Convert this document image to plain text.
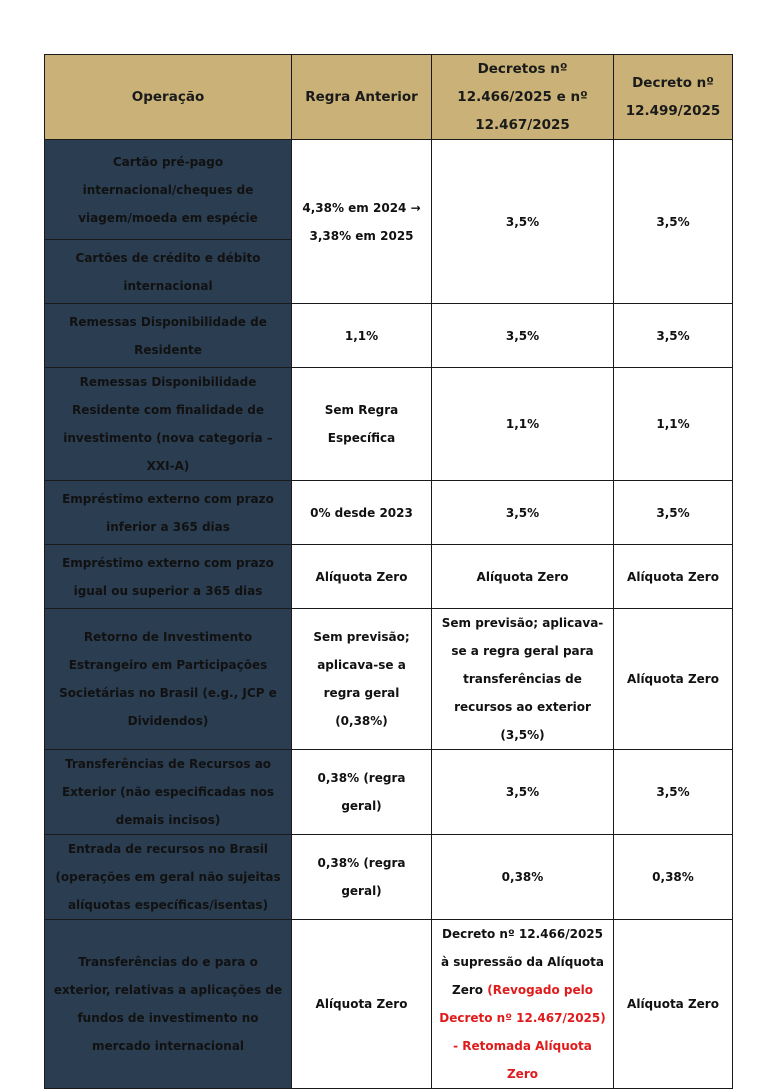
Operação	Regra Anterior	Decretos nº 12.466/2025 e nº 12.467/2025	Decreto nº 12.499/2025
Cartão pré-pago internacional/cheques de viagem/moeda em espécie	4,38% em 2024 → 3,38% em 2025	3,5%	3,5%
Cartões de crédito e débito internacional			
Remessas Disponibilidade de Residente	1,1%	3,5%	3,5%
Remessas Disponibilidade Residente com finalidade de investimento (nova categoria – XXI-A)	Sem Regra Específica	1,1%	1,1%
Empréstimo externo com prazo inferior a 365 dias	0% desde 2023	3,5%	3,5%
Empréstimo externo com prazo igual ou superior a 365 dias	Alíquota Zero	Alíquota Zero	Alíquota Zero
Retorno de Investimento Estrangeiro em Participações Societárias no Brasil (e.g., JCP e Dividendos)	Sem previsão; aplicava-se a regra geral (0,38%)	Sem previsão; aplicava-se a regra geral para transferências de recursos ao exterior (3,5%)	Alíquota Zero
Transferências de Recursos ao Exterior (não especificadas nos demais incisos)	0,38% (regra geral)	3,5%	3,5%
Entrada de recursos no Brasil (operações em geral não sujeitas alíquotas específicas/isentas)	0,38% (regra geral)	0,38%	0,38%
Transferências do e para o exterior, relativas a aplicações de fundos de investimento no mercado internacional	Alíquota Zero	Decreto nº 12.466/2025 à supressão da Alíquota Zero (Revogado pelo Decreto nº 12.467/2025) - Retomada Alíquota Zero	Alíquota Zero
